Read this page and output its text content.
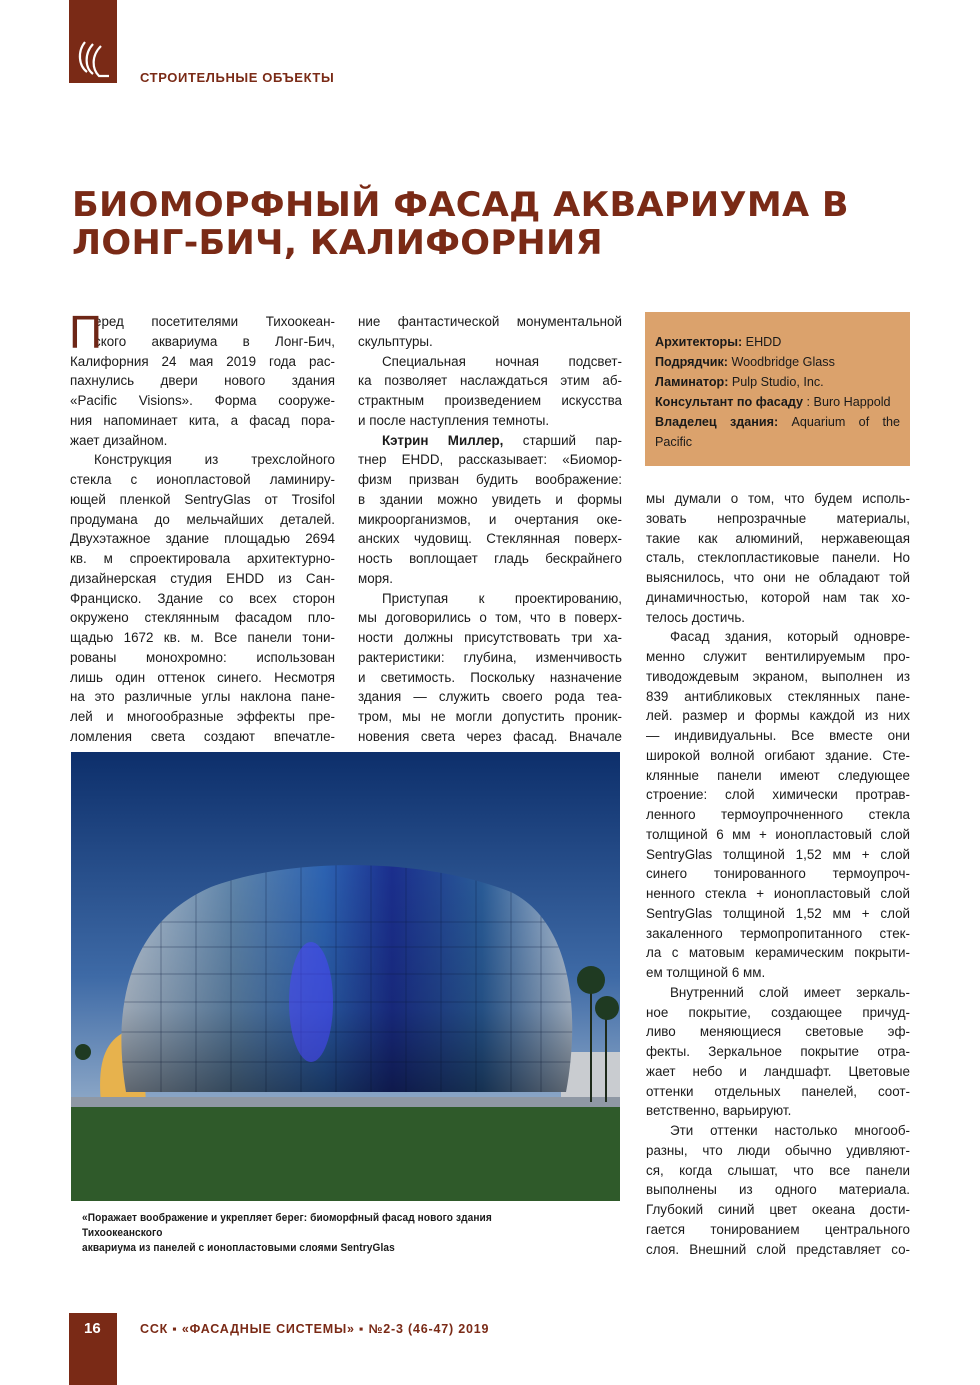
СТРОИТЕЛЬНЫЕ ОБЪЕКТЫ
БИОМОРФНЫЙ ФАСАД АКВАРИУМА В
ЛОНГ-БИЧ, КАЛИФОРНИЯ
П
еред посетителями Тихоокеан-
ского аквариума в Лонг-Бич,
Калифорния 24 мая 2019 года рас-
пахнулись двери нового здания
«Pacific Visions». Форма сооруже-
ния напоминает кита, а фасад пора-
жает дизайном.
Конструкция из трехслойного
стекла с ионопластовой ламиниру-
ющей пленкой SentryGlas от Trosifol
продумана до мельчайших деталей.
Двухэтажное здание площадью 2694
кв. м спроектировала архитектурно-
дизайнерская студия EHDD из Сан-
Франциско. Здание со всех сторон
окружено стеклянным фасадом пло-
щадью 1672 кв. м. Все панели тони-
рованы монохромно: использован
лишь один оттенок синего. Несмотря
на это различные углы наклона пане-
лей и многообразные эффекты пре-
ломления света создают впечатле-
ние фантастической монументальной
скульптуры.
Специальная ночная подсвет-
ка позволяет наслаждаться этим аб-
страктным произведением искусства
и после наступления темноты.
Кэтрин Миллер, старший пар-
тнер EHDD, рассказывает: «Биомор-
физм призван будить воображение:
в здании можно увидеть и формы
микроорганизмов, и очертания оке-
анских чудовищ. Стеклянная поверх-
ность воплощает гладь бескрайнего
моря.
Приступая к проектированию,
мы договорились о том, что в поверх-
ности должны присутствовать три ха-
рактеристики: глубина, изменчивость
и светимость. Поскольку назначение
здания — служить своего рода теа-
тром, мы не могли допустить проник-
новения света через фасад. Вначале
мы думали о том, что будем исполь-
зовать непрозрачные материалы,
такие как алюминий, нержавеющая
сталь, стеклопластиковые панели. Но
выяснилось, что они не обладают той
динамичностью, которой нам так хо-
телось достичь.
Фасад здания, который одновре-
менно служит вентилируемым про-
тиводождевым экраном, выполнен из
839 антибликовых стеклянных пане-
лей. размер и формы каждой из них
— индивидуальны. Все вместе они
широкой волной огибают здание. Сте-
клянные панели имеют следующее
строение: слой химически протрав-
ленного термоупрочненного стекла
толщиной 6 мм + ионопластовый слой
SentryGlas толщиной 1,52 мм + слой
синего тонированного термоупроч-
ненного стекла + ионопластовый слой
SentryGlas толщиной 1,52 мм + слой
закаленного термопропитанного стек-
ла с матовым керамическим покрыти-
ем толщиной 6 мм.
Внутренний слой имеет зеркаль-
ное покрытие, создающее причуд-
ливо меняющиеся световые эф-
фекты. Зеркальное покрытие отра-
жает небо и ландшафт. Цветовые
оттенки отдельных панелей, соот-
ветственно, варьируют.
Эти оттенки настолько многооб-
разны, что люди обычно удивляют-
ся, когда слышат, что все панели
выполнены из одного материала.
Глубокий синий цвет океана дости-
гается тонированием центрального
слоя. Внешний слой представляет со-
Архитекторы: EHDD
Подрядчик: Woodbridge Glass
Ламинатор: Pulp Studio, Inc.
Консультант по фасаду : Buro Happold
Владелец здания: Aquarium of the
Pacific
«Поражает воображение и укрепляет берег: биоморфный фасад нового здания Тихоокеанского
аквариума из панелей с ионопластовыми слоями SentryGlas
16	ССК ▪ «ФАСАДНЫЕ СИСТЕМЫ» ▪ №2-3 (46-47) 2019
